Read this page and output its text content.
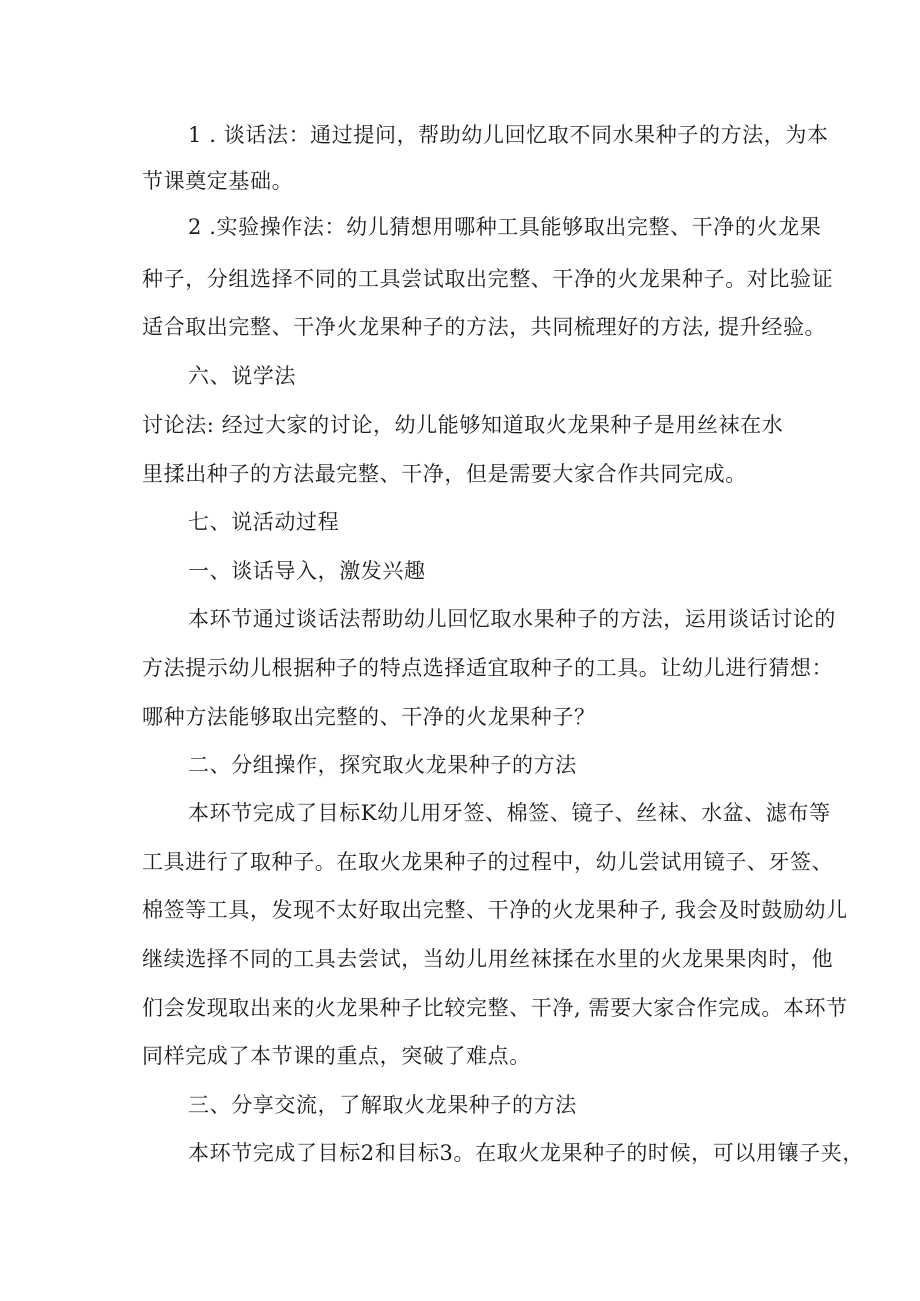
1 . 谈话法：通过提问，帮助幼儿回忆取不同水果种子的方法，为本
节课奠定基础。
2 .实验操作法：幼儿猜想用哪种工具能够取出完整、干净的火龙果
种子，分组选择不同的工具尝试取出完整、干净的火龙果种子。对比验证
适合取出完整、干净火龙果种子的方法，共同梳理好的方法, 提升经验。
六、说学法
讨论法: 经过大家的讨论，幼儿能够知道取火龙果种子是用丝袜在水
里揉出种子的方法最完整、干净，但是需要大家合作共同完成。
七、说活动过程
一、谈话导入，激发兴趣
本环节通过谈话法帮助幼儿回忆取水果种子的方法，运用谈话讨论的
方法提示幼儿根据种子的特点选择适宜取种子的工具。让幼儿进行猜想：
哪种方法能够取出完整的、干净的火龙果种子？
二、分组操作，探究取火龙果种子的方法
本环节完成了目标K幼儿用牙签、棉签、镜子、丝袜、水盆、滤布等
工具进行了取种子。在取火龙果种子的过程中，幼儿尝试用镜子、牙签、
棉签等工具，发现不太好取出完整、干净的火龙果种子, 我会及时鼓励幼儿
继续选择不同的工具去尝试，当幼儿用丝袜揉在水里的火龙果果肉时，他
们会发现取出来的火龙果种子比较完整、干净, 需要大家合作完成。本环节
同样完成了本节课的重点，突破了难点。
三、分享交流，了解取火龙果种子的方法
本环节完成了目标2和目标3。在取火龙果种子的时候，可以用镶子夹，
